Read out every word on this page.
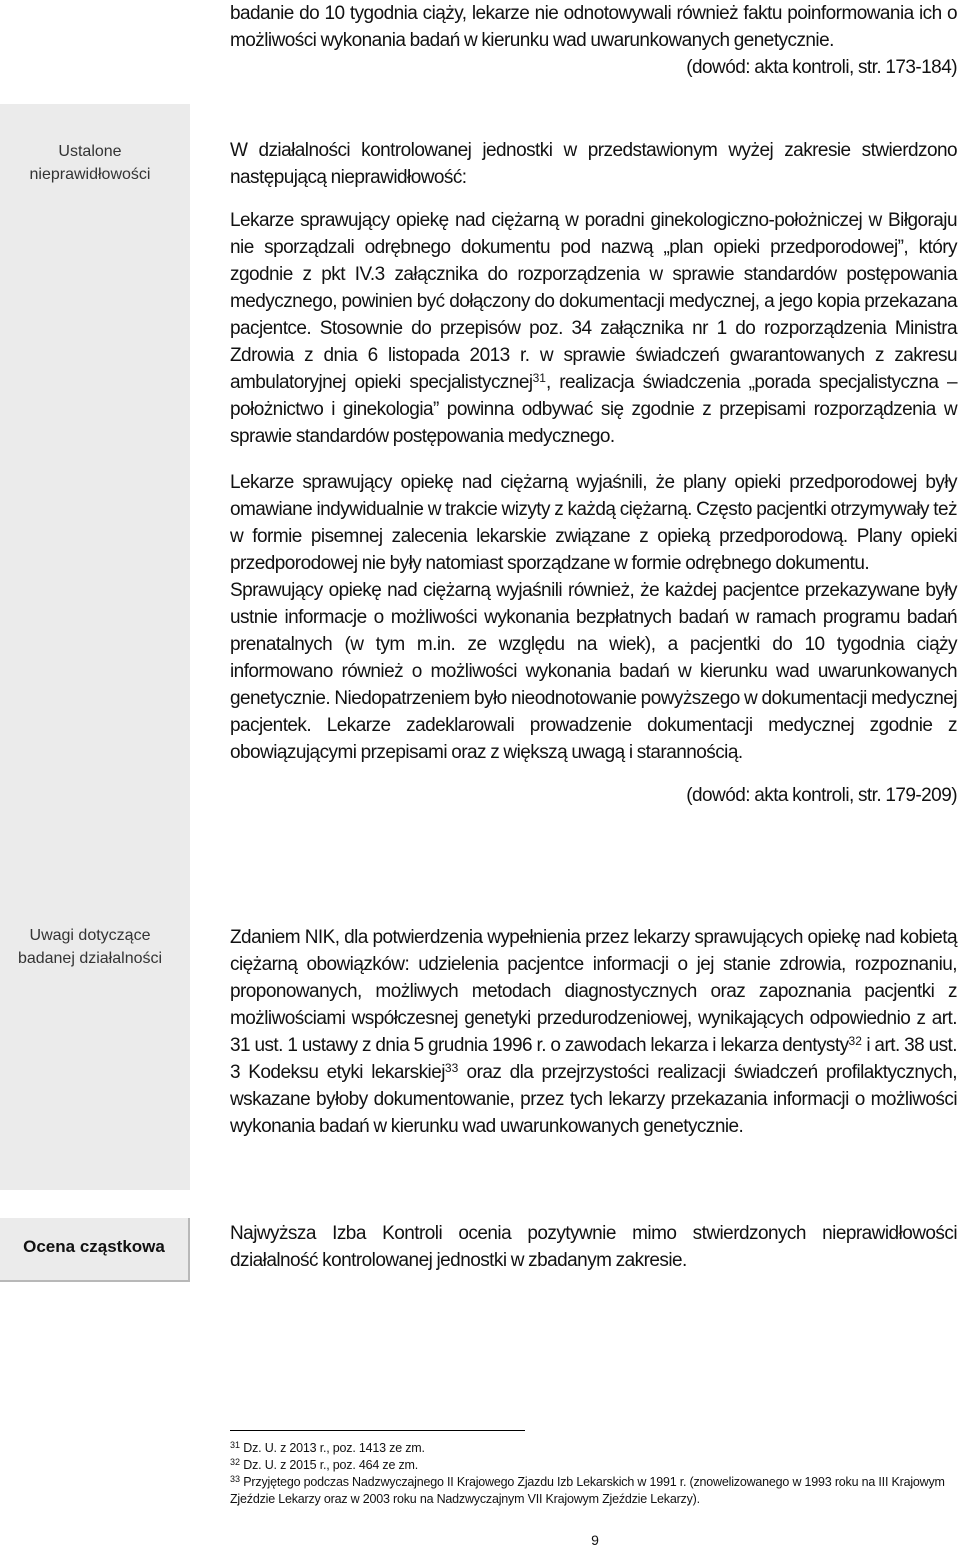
Ustalone nieprawidłowości
Uwagi dotyczące badanej działalności
Ocena cząstkowa

badanie do 10 tygodnia ciąży, lekarze nie odnotowywali również faktu poinformowania ich o możliwości wykonania badań w kierunku wad uwarunkowanych genetycznie.

(dowód: akta kontroli, str. 173-184)

W działalności kontrolowanej jednostki w przedstawionym wyżej zakresie stwierdzono następującą nieprawidłowość:

Lekarze sprawujący opiekę nad ciężarną w poradni ginekologiczno-położniczej w Biłgoraju nie sporządzali odrębnego dokumentu pod nazwą „plan opieki przedporodowej”, który zgodnie z pkt IV.3 załącznika do rozporządzenia w sprawie standardów postępowania medycznego, powinien być dołączony do dokumentacji medycznej, a jego kopia przekazana pacjentce. Stosownie do przepisów poz. 34 załącznika nr 1 do rozporządzenia Ministra Zdrowia z dnia 6 listopada 2013 r. w sprawie świadczeń gwarantowanych z zakresu ambulatoryjnej opieki specjalistycznej$^{31}$, realizacja świadczenia „porada specjalistyczna – położnictwo i ginekologia” powinna odbywać się zgodnie z przepisami rozporządzenia w sprawie standardów postępowania medycznego.

Lekarze sprawujący opiekę nad ciężarną wyjaśnili, że plany opieki przedporodowej były omawiane indywidualnie w trakcie wizyty z każdą ciężarną. Często pacjentki otrzymywały też w formie pisemnej zalecenia lekarskie związane z opieką przedporodową. Plany opieki przedporodowej nie były natomiast sporządzane w formie odrębnego dokumentu.

Sprawujący opiekę nad ciężarną wyjaśnili również, że każdej pacjentce przekazywane były ustnie informacje o możliwości wykonania bezpłatnych badań w ramach programu badań prenatalnych (w tym m.in. ze względu na wiek), a pacjentki do 10 tygodnia ciąży informowano również o możliwości wykonania badań w kierunku wad uwarunkowanych genetycznie. Niedopatrzeniem było nieodnotowanie powyższego w dokumentacji medycznej pacjentek. Lekarze zadeklarowali prowadzenie dokumentacji medycznej zgodnie z obowiązującymi przepisami oraz z większą uwagą i starannością.

(dowód: akta kontroli, str. 179-209)

Zdaniem NIK, dla potwierdzenia wypełnienia przez lekarzy sprawujących opiekę nad kobietą ciężarną obowiązków: udzielenia pacjentce informacji o jej stanie zdrowia, rozpoznaniu, proponowanych, możliwych metodach diagnostycznych oraz zapoznania pacjentki z możliwościami współczesnej genetyki przedurodzeniowej, wynikających odpowiednio z art. 31 ust. 1 ustawy z dnia 5 grudnia 1996 r. o zawodach lekarza i lekarza dentysty$^{32}$ i art. 38 ust. 3 Kodeksu etyki lekarskiej$^{33}$ oraz dla przejrzystości realizacji świadczeń profilaktycznych, wskazane byłoby dokumentowanie, przez tych lekarzy przekazania informacji o możliwości wykonania badań w kierunku wad uwarunkowanych genetycznie.

Najwyższa Izba Kontroli ocenia pozytywnie mimo stwierdzonych nieprawidłowości działalność kontrolowanej jednostki w zbadanym zakresie.

$^{31}$ Dz. U. z 2013 r., poz. 1413 ze zm.

$^{32}$ Dz. U. z 2015 r., poz. 464 ze zm.

$^{33}$ Przyjętego podczas Nadzwyczajnego II Krajowego Zjazdu Izb Lekarskich w 1991 r. (znowelizowanego w 1993 roku na III Krajowym Zjeździe Lekarzy oraz w 2003 roku na Nadzwyczajnym VII Krajowym Zjeździe Lekarzy).

9
